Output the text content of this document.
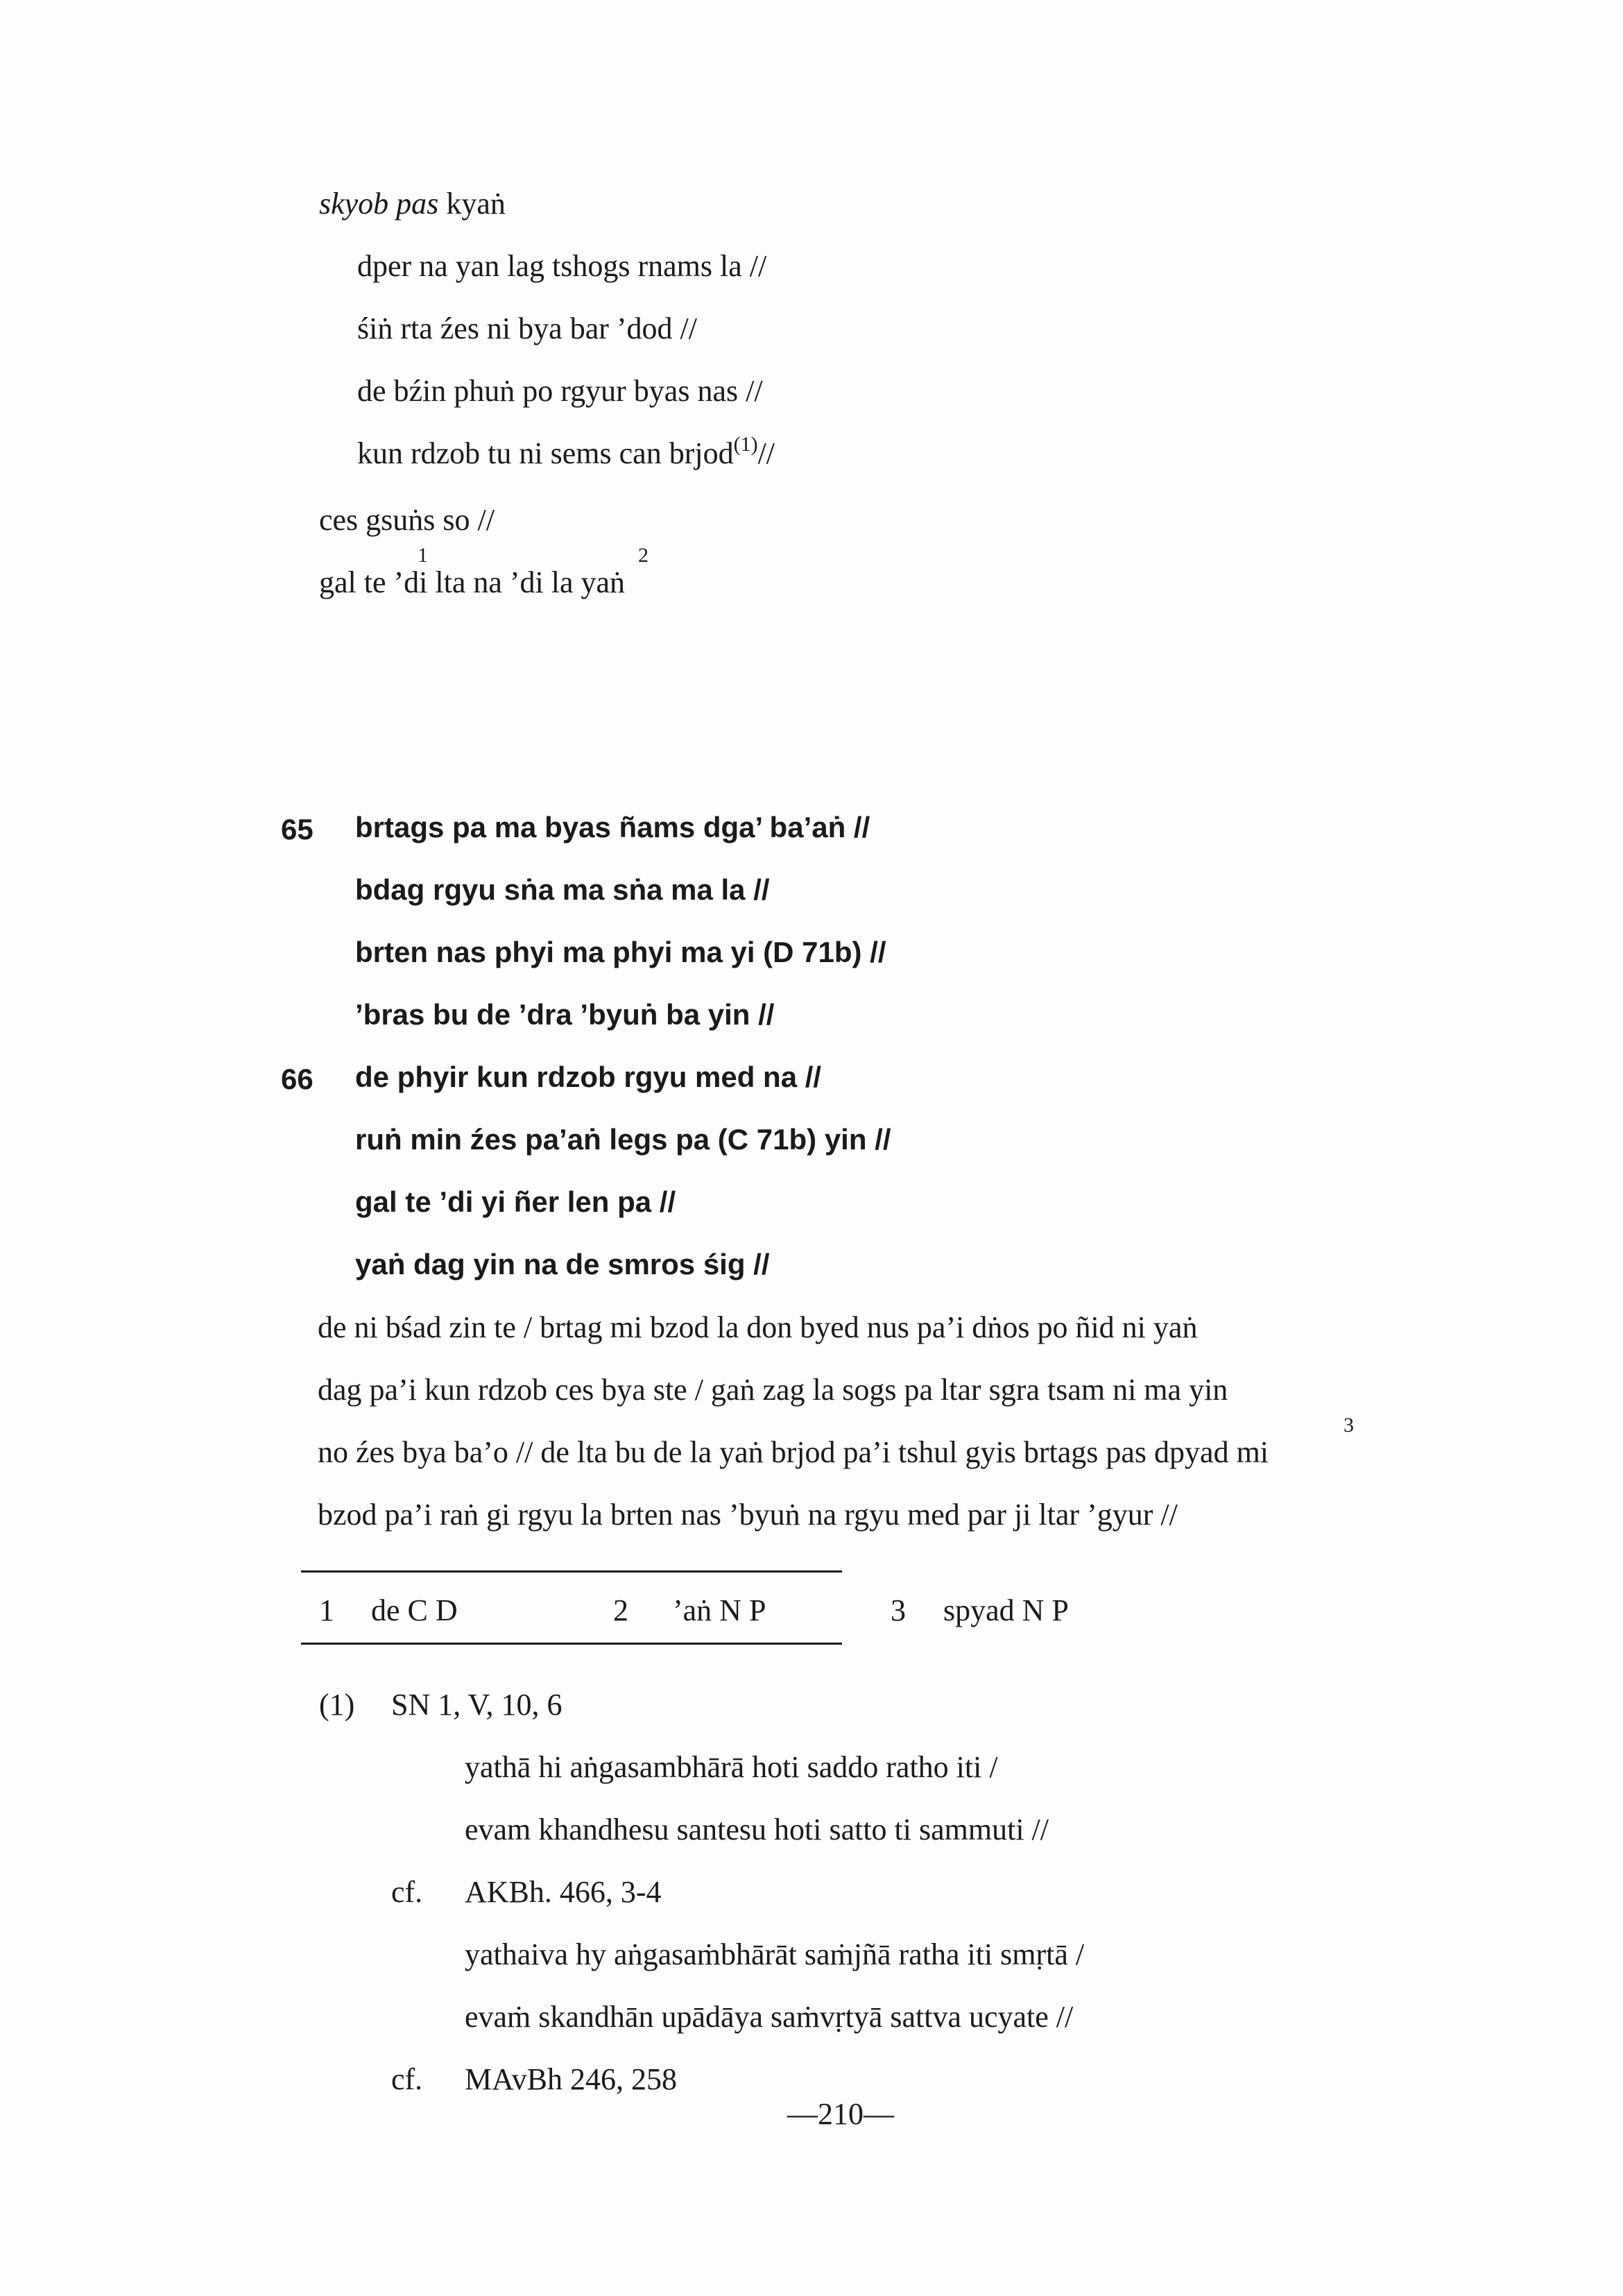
skyob pas kyaṅ
dper na yan lag tshogs rnams la //
śiṅ rta źes ni bya bar ’dod //
de bźin phuṅ po rgyur byas nas //
kun rdzob tu ni sems can brjod$^{(1)}$//
ces gsuṅs so //
1	2
gal te ’di lta na ’di la yaṅ
65 brtags pa ma byas ñams dga’ ba’aṅ //
bdag rgyu sṅa ma sṅa ma la //
brten nas phyi ma phyi ma yi (D 71b) //
’bras bu de ’dra ’byuṅ ba yin //
66 de phyir kun rdzob rgyu med na //
ruṅ min źes pa’aṅ legs pa (C 71b) yin //
gal te ’di yi ñer len pa //
yaṅ dag yin na de smros śig //
de ni bśad zin te / brtag mi bzod la don byed nus pa’i dṅos po ñid ni yaṅ
dag pa’i kun rdzob ces bya ste / gaṅ zag la sogs pa ltar sgra tsam ni ma yin
3
no źes bya ba’o // de lta bu de la yaṅ brjod pa’i tshul gyis brtags pas dpyad mi
bzod pa’i raṅ gi rgyu la brten nas ’byuṅ na rgyu med par ji ltar ’gyur //
1 de C D	2 ’aṅ N P	3 spyad N P
(1) SN 1, V, 10, 6
yathā hi aṅgasambhārā hoti saddo ratho iti /
evam khandhesu santesu hoti satto ti sammuti //
cf. AKBh. 466, 3-4
yathaiva hy aṅgasaṁbhārāt saṁjñā ratha iti smṛtā /
evaṁ skandhān upādāya saṁvṛtyā sattva ucyate //
cf. MAvBh 246, 258
—210—
